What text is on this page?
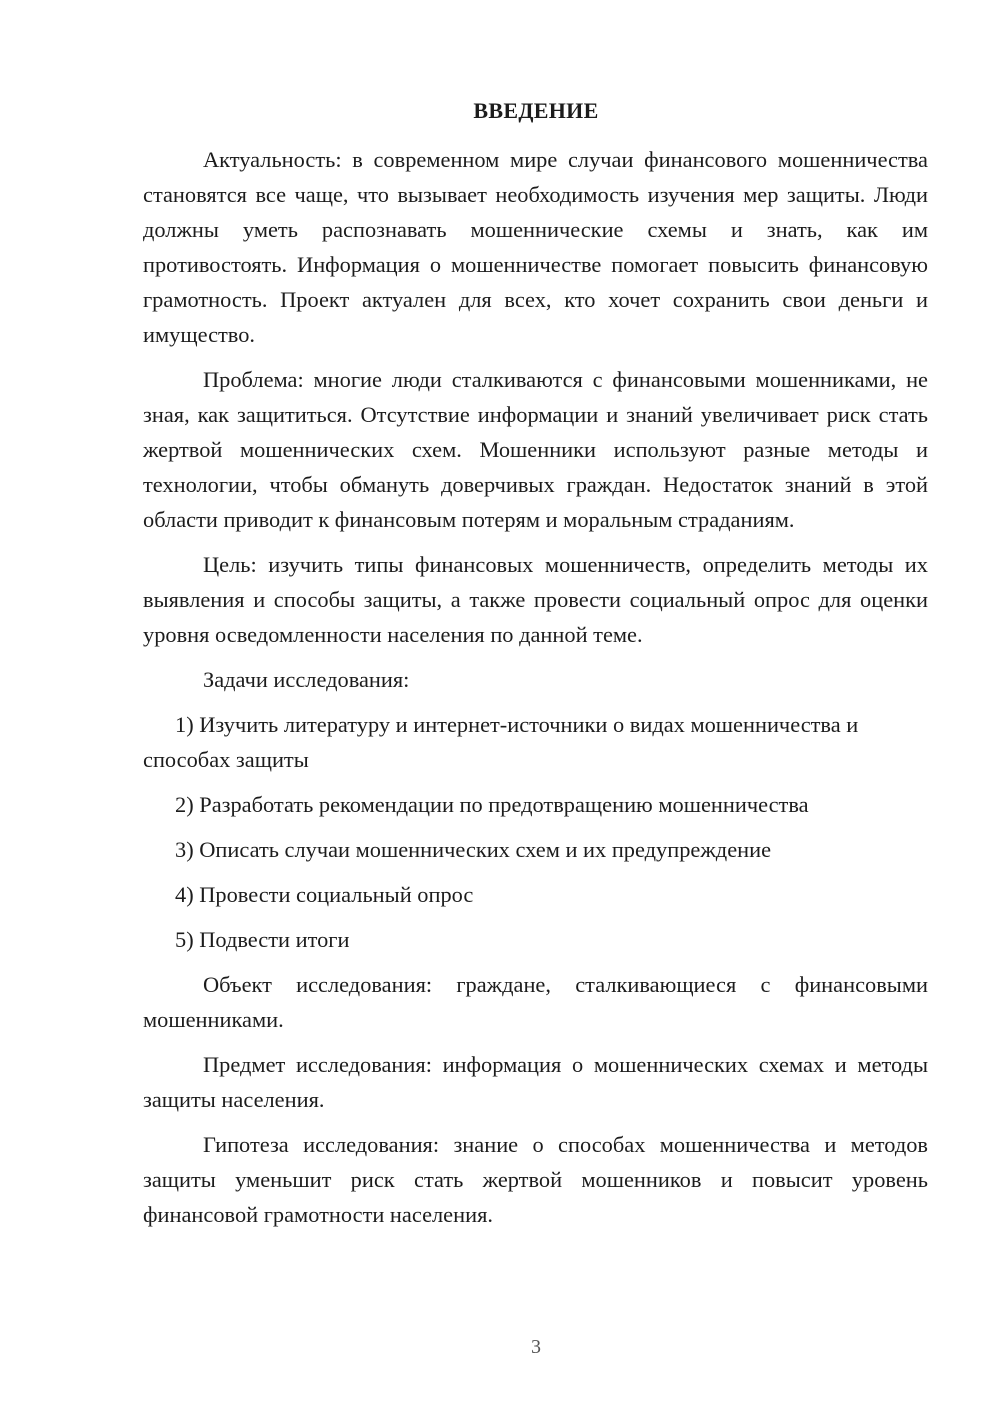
ВВЕДЕНИЕ

Актуальность: в современном мире случаи финансового мошенничества становятся все чаще, что вызывает необходимость изучения мер защиты. Люди должны уметь распознавать мошеннические схемы и знать, как им противостоять. Информация о мошенничестве помогает повысить финансовую грамотность. Проект актуален для всех, кто хочет сохранить свои деньги и имущество.

Проблема: многие люди сталкиваются с финансовыми мошенниками, не зная, как защититься. Отсутствие информации и знаний увеличивает риск стать жертвой мошеннических схем. Мошенники используют разные методы и технологии, чтобы обмануть доверчивых граждан. Недостаток знаний в этой области приводит к финансовым потерям и моральным страданиям.

Цель: изучить типы финансовых мошенничеств, определить методы их выявления и способы защиты, а также провести социальный опрос для оценки уровня осведомленности населения по данной теме.

Задачи исследования:

1) Изучить литературу и интернет-источники о видах мошенничества и способах защиты

2) Разработать рекомендации по предотвращению мошенничества

3) Описать случаи мошеннических схем и их предупреждение

4) Провести социальный опрос

5) Подвести итоги

Объект исследования: граждане, сталкивающиеся с финансовыми мошенниками.

Предмет исследования: информация о мошеннических схемах и методы защиты населения.

Гипотеза исследования: знание о способах мошенничества и методов защиты уменьшит риск стать жертвой мошенников и повысит уровень финансовой грамотности населения.

3
